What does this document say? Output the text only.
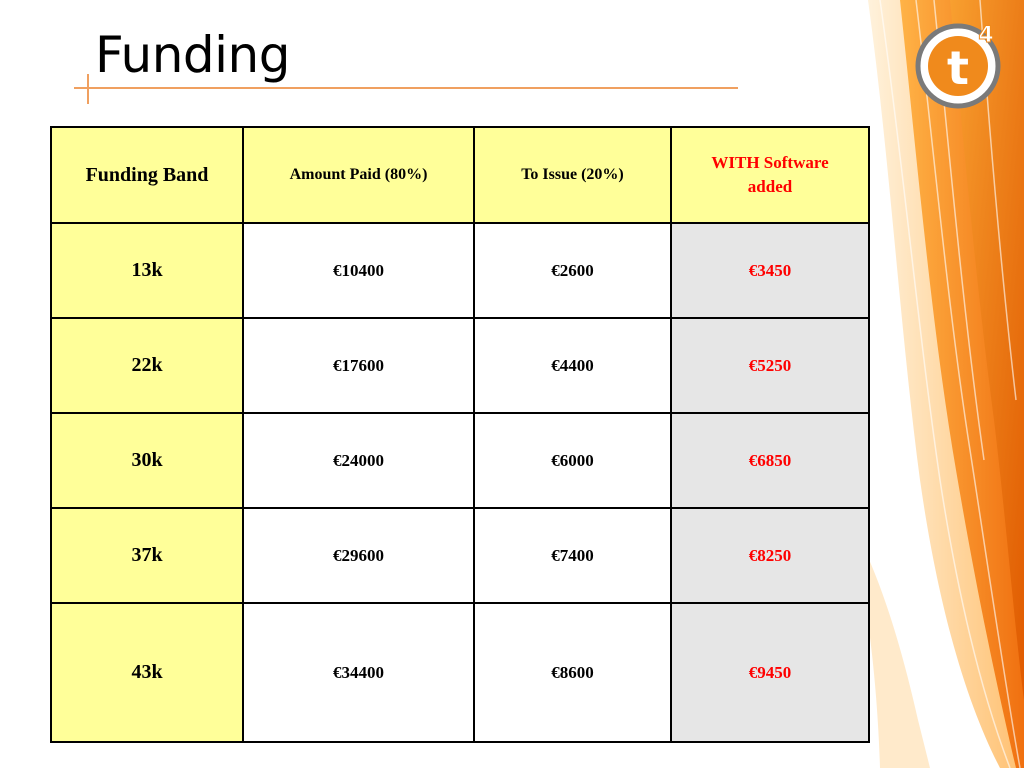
t
4
Funding
Funding Band	Amount Paid (80%)	To Issue (20%)	WITH Software
added
13k	€10400	€2600	€3450
22k	€17600	€4400	€5250
30k	€24000	€6000	€6850
37k	€29600	€7400	€8250
43k	€34400	€8600	€9450
